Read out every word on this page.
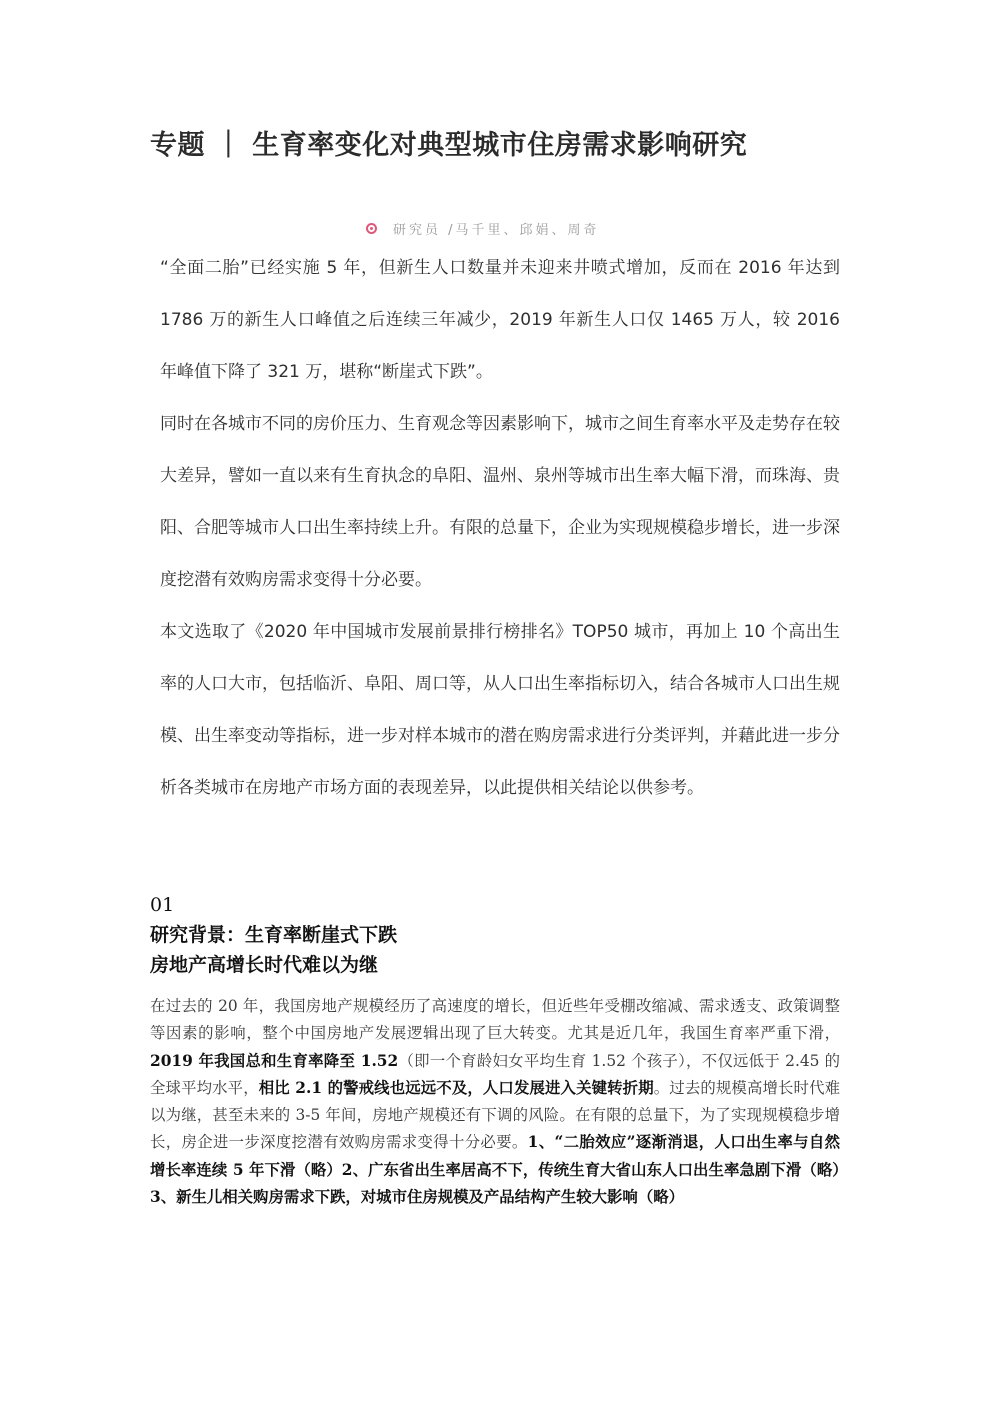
专题 ｜ 生育率变化对典型城市住房需求影响研究
研究员 /马千里、邱娟、周奇

“全面二胎”已经实施 5 年，但新生人口数量并未迎来井喷式增加，反而在 2016 年达到 1786 万的新生人口峰值之后连续三年减少，2019 年新生人口仅 1465 万人，较 2016 年峰值下降了 321 万，堪称“断崖式下跌”。

同时在各城市不同的房价压力、生育观念等因素影响下，城市之间生育率水平及走势存在较大差异，譬如一直以来有生育执念的阜阳、温州、泉州等城市出生率大幅下滑，而珠海、贵阳、合肥等城市人口出生率持续上升。有限的总量下，企业为实现规模稳步增长，进一步深度挖潜有效购房需求变得十分必要。

本文选取了《2020 年中国城市发展前景排行榜排名》TOP50 城市，再加上 10 个高出生率的人口大市，包括临沂、阜阳、周口等，从人口出生率指标切入，结合各城市人口出生规模、出生率变动等指标，进一步对样本城市的潜在购房需求进行分类评判，并藉此进一步分析各类城市在房地产市场方面的表现差异，以此提供相关结论以供参考。

01
研究背景：生育率断崖式下跌
房地产高增长时代难以为继

在过去的 20 年，我国房地产规模经历了高速度的增长，但近些年受棚改缩减、需求透支、政策调整等因素的影响，整个中国房地产发展逻辑出现了巨大转变。尤其是近几年，我国生育率严重下滑，2019 年我国总和生育率降至 1.52（即一个育龄妇女平均生育 1.52 个孩子），不仅远低于 2.45 的全球平均水平，相比 2.1 的警戒线也远远不及，人口发展进入关键转折期。过去的规模高增长时代难以为继，甚至未来的 3-5 年间，房地产规模还有下调的风险。在有限的总量下，为了实现规模稳步增长，房企进一步深度挖潜有效购房需求变得十分必要。1、“二胎效应”逐渐消退，人口出生率与自然增长率连续 5 年下滑（略）2、广东省出生率居高不下，传统生育大省山东人口出生率急剧下滑（略）3、新生儿相关购房需求下跌，对城市住房规模及产品结构产生较大影响（略）
